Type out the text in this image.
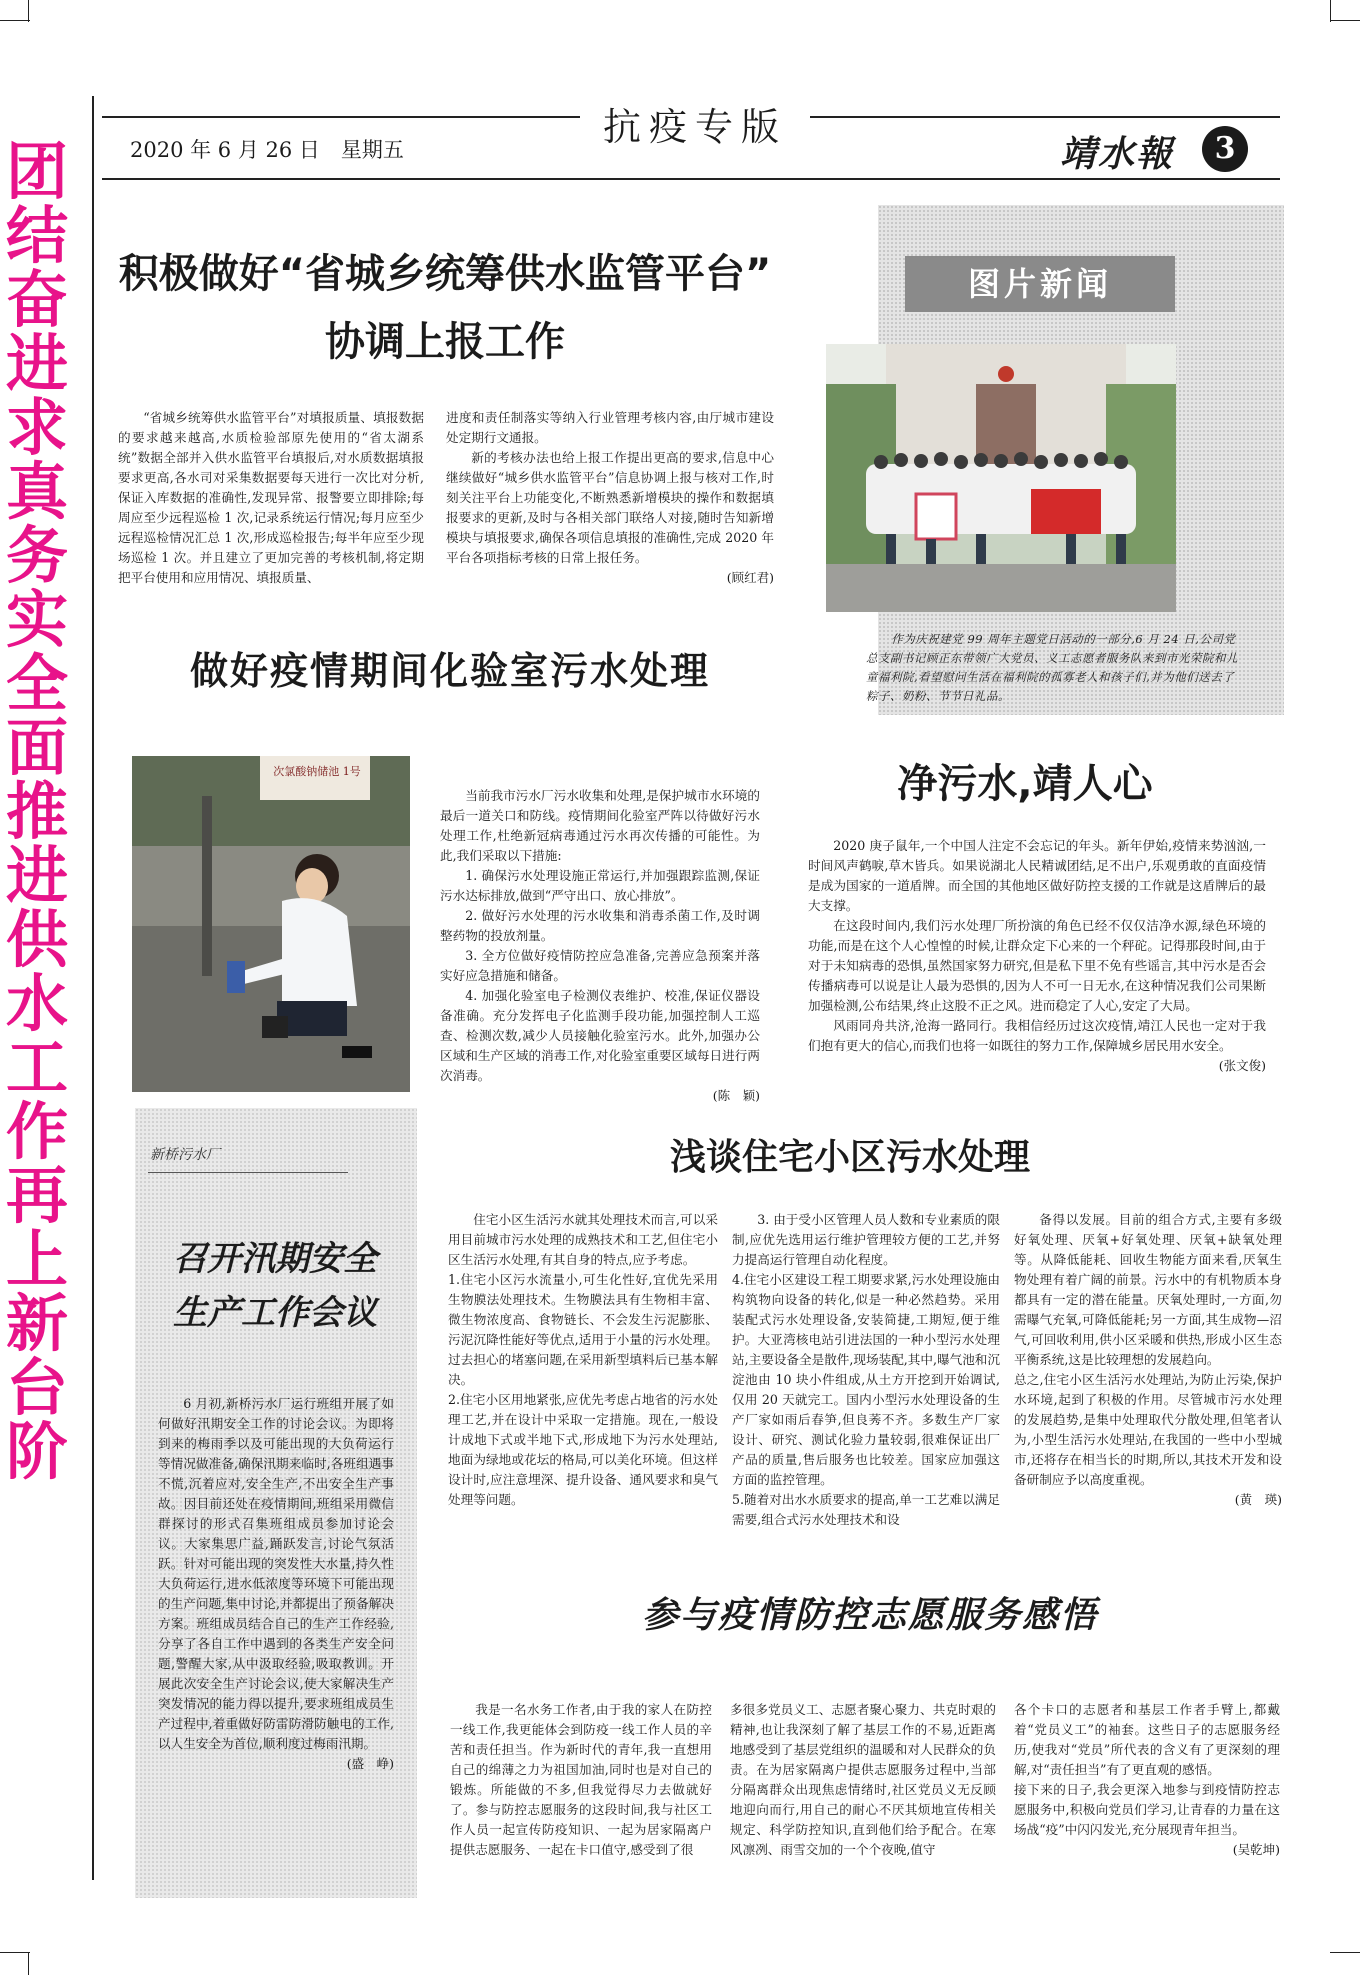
团结奋进 求真务实 全面推进供水工作再上新台阶
抗疫专版
2020 年 6 月 26 日　星期五	靖水報	3
积极做好“省城乡统筹供水监管平台”
协调上报工作

“省城乡统筹供水监管平台”对填报质量、填报数据的要求越来越高,水质检验部原先使用的“省太湖系统”数据全部并入供水监管平台填报后,对水质数据填报要求更高,各水司对采集数据要每天进行一次比对分析,保证入库数据的准确性,发现异常、报警要立即排除;每周应至少远程巡检 1 次,记录系统运行情况;每月应至少远程巡检情况汇总 1 次,形成巡检报告;每半年应至少现场巡检 1 次。并且建立了更加完善的考核机制,将定期把平台使用和应用情况、填报质量、

进度和责任制落实等纳入行业管理考核内容,由厅城市建设处定期行文通报。

新的考核办法也给上报工作提出更高的要求,信息中心继续做好“城乡供水监管平台”信息协调上报与核对工作,时刻关注平台上功能变化,不断熟悉新增模块的操作和数据填报要求的更新,及时与各相关部门联络人对接,随时告知新增模块与填报要求,确保各项信息填报的准确性,完成 2020 年平台各项指标考核的日常上报任务。

(顾红君)
图片新闻
作为庆祝建党 99 周年主题党日活动的一部分,6 月 24 日,公司党总支副书记顾正东带领广大党员、义工志愿者服务队来到市光荣院和儿童福利院,看望慰问生活在福利院的孤寡老人和孩子们,并为他们送去了粽子、奶粉、节节日礼品。
做好疫情期间化验室污水处理
次氯酸钠储池 1号

当前我市污水厂污水收集和处理,是保护城市水环境的最后一道关口和防线。疫情期间化验室严阵以待做好污水处理工作,杜绝新冠病毒通过污水再次传播的可能性。为此,我们采取以下措施:

1. 确保污水处理设施正常运行,并加强跟踪监测,保证污水达标排放,做到“严守出口、放心排放”。

2. 做好污水处理的污水收集和消毒杀菌工作,及时调整药物的投放剂量。

3. 全方位做好疫情防控应急准备,完善应急预案并落实好应急措施和储备。

4. 加强化验室电子检测仪表维护、校准,保证仪器设备准确。充分发挥电子化监测手段功能,加强控制人工巡查、检测次数,减少人员接触化验室污水。此外,加强办公区域和生产区域的消毒工作,对化验室重要区域每日进行两次消毒。

(陈　颖)
净污水,靖人心

2020 庚子鼠年,一个中国人注定不会忘记的年头。新年伊始,疫情来势汹汹,一时间风声鹤唳,草木皆兵。如果说湖北人民精诚团结,足不出户,乐观勇敢的直面疫情是成为国家的一道盾牌。而全国的其他地区做好防控支援的工作就是这盾牌后的最大支撑。

在这段时间内,我们污水处理厂所扮演的角色已经不仅仅洁净水源,绿色环境的功能,而是在这个人心惶惶的时候,让群众定下心来的一个秤砣。记得那段时间,由于对于未知病毒的恐惧,虽然国家努力研究,但是私下里不免有些谣言,其中污水是否会传播病毒可以说是让人最为恐惧的,因为人不可一日无水,在这种情况我们公司果断加强检测,公布结果,终止这股不正之风。进而稳定了人心,安定了大局。

风雨同舟共济,沧海一路同行。我相信经历过这次疫情,靖江人民也一定对于我们抱有更大的信心,而我们也将一如既往的努力工作,保障城乡居民用水安全。

(张文俊)
新桥污水厂
召开汛期安全
生产工作会议

6 月初,新桥污水厂运行班组开展了如何做好汛期安全工作的讨论会议。为即将到来的梅雨季以及可能出现的大负荷运行等情况做准备,确保汛期来临时,各班组遇事不慌,沉着应对,安全生产,不出安全生产事故。因目前还处在疫情期间,班组采用微信群探讨的形式召集班组成员参加讨论会议。大家集思广益,踊跃发言,讨论气氛活跃。针对可能出现的突发性大水量,持久性大负荷运行,进水低浓度等环境下可能出现的生产问题,集中讨论,并都提出了预备解决方案。班组成员结合自己的生产工作经验,分享了各自工作中遇到的各类生产安全问题,警醒大家,从中汲取经验,吸取教训。开展此次安全生产讨论会议,使大家解决生产突发情况的能力得以提升,要求班组成员生产过程中,着重做好防雷防滑防触电的工作,以人生安全为首位,顺利度过梅雨汛期。

(盛　峥)
浅谈住宅小区污水处理

住宅小区生活污水就其处理技术而言,可以采用目前城市污水处理的成熟技术和工艺,但住宅小区生活污水处理,有其自身的特点,应予考虑。
1.住宅小区污水流量小,可生化性好,宜优先采用生物膜法处理技术。生物膜法具有生物相丰富、微生物浓度高、食物链长、不会发生污泥膨胀、污泥沉降性能好等优点,适用于小量的污水处理。过去担心的堵塞问题,在采用新型填料后已基本解决。
2.住宅小区用地紧张,应优先考虑占地省的污水处理工艺,并在设计中采取一定措施。现在,一般设计成地下式或半地下式,形成地下为污水处理站,地面为绿地或花坛的格局,可以美化环境。但这样设计时,应注意埋深、提升设备、通风要求和臭气处理等问题。

3. 由于受小区管理人员人数和专业素质的限制,应优先选用运行维护管理较方便的工艺,并努力提高运行管理自动化程度。
4.住宅小区建设工程工期要求紧,污水处理设施由构筑物向设备的转化,似是一种必然趋势。采用装配式污水处理设备,安装简捷,工期短,便于维护。大亚湾核电站引进法国的一种小型污水处理站,主要设备全是散件,现场装配,其中,曝气池和沉淀池由 10 块小件组成,从土方开挖到开始调试,仅用 20 天就完工。国内小型污水处理设备的生产厂家如雨后春笋,但良莠不齐。多数生产厂家设计、研究、测试化验力量较弱,很难保证出厂产品的质量,售后服务也比较差。国家应加强这方面的监控管理。
5.随着对出水水质要求的提高,单一工艺难以满足需要,组合式污水处理技术和设

备得以发展。目前的组合方式,主要有多级好氧处理、厌氧+好氧处理、厌氧+缺氧处理等。从降低能耗、回收生物能方面来看,厌氧生物处理有着广阔的前景。污水中的有机物质本身都具有一定的潜在能量。厌氧处理时,一方面,勿需曝气充氧,可降低能耗;另一方面,其生成物—沼气,可回收利用,供小区采暖和供热,形成小区生态平衡系统,这是比较理想的发展趋向。
总之,住宅小区生活污水处理站,为防止污染,保护水环境,起到了积极的作用。尽管城市污水处理的发展趋势,是集中处理取代分散处理,但笔者认为,小型生活污水处理站,在我国的一些中小型城市,还将存在相当长的时期,所以,其技术开发和设备研制应予以高度重视。

(黄　瑛)
参与疫情防控志愿服务感悟

我是一名水务工作者,由于我的家人在防控一线工作,我更能体会到防疫一线工作人员的辛苦和责任担当。作为新时代的青年,我一直想用自己的绵薄之力为祖国加油,同时也是对自己的锻炼。所能做的不多,但我觉得尽力去做就好了。参与防控志愿服务的这段时间,我与社区工作人员一起宣传防疫知识、一起为居家隔离户提供志愿服务、一起在卡口值守,感受到了很

多很多党员义工、志愿者聚心聚力、共克时艰的精神,也让我深刻了解了基层工作的不易,近距离地感受到了基层党组织的温暖和对人民群众的负责。在为居家隔离户提供志愿服务过程中,当部分隔离群众出现焦虑情绪时,社区党员义无反顾地迎向而行,用自己的耐心不厌其烦地宣传相关规定、科学防控知识,直到他们给予配合。在寒风凛冽、雨雪交加的一个个夜晚,值守

各个卡口的志愿者和基层工作者手臂上,都戴着“党员义工”的袖套。这些日子的志愿服务经历,使我对“党员”所代表的含义有了更深刻的理解,对“责任担当”有了更直观的感悟。
接下来的日子,我会更深入地参与到疫情防控志愿服务中,积极向党员们学习,让青春的力量在这场战“疫”中闪闪发光,充分展现青年担当。

(吴乾坤)
